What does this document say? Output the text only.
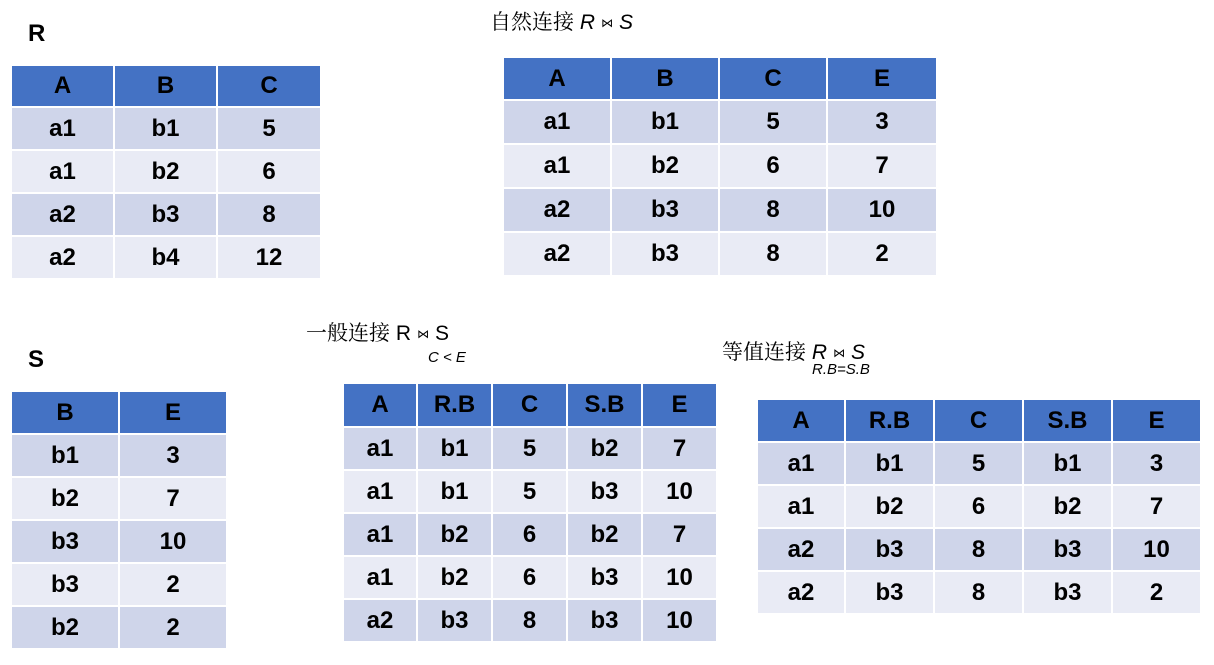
R
A	B	C
a1	b1	5
a1	b2	6
a2	b3	8
a2	b4	12
S
B	E
b1	3
b2	7
b3	10
b3	2
b2	2
自然连接 R ⋈ S
A	B	C	E
a1	b1	5	3
a1	b2	6	7
a2	b3	8	10
a2	b3	8	2
一般连接 R ⋈ S
C < E
A	R.B	C	S.B	E
a1	b1	5	b2	7
a1	b1	5	b3	10
a1	b2	6	b2	7
a1	b2	6	b3	10
a2	b3	8	b3	10
等值连接 R ⋈ S
R.B=S.B
A	R.B	C	S.B	E
a1	b1	5	b1	3
a1	b2	6	b2	7
a2	b3	8	b3	10
a2	b3	8	b3	2
